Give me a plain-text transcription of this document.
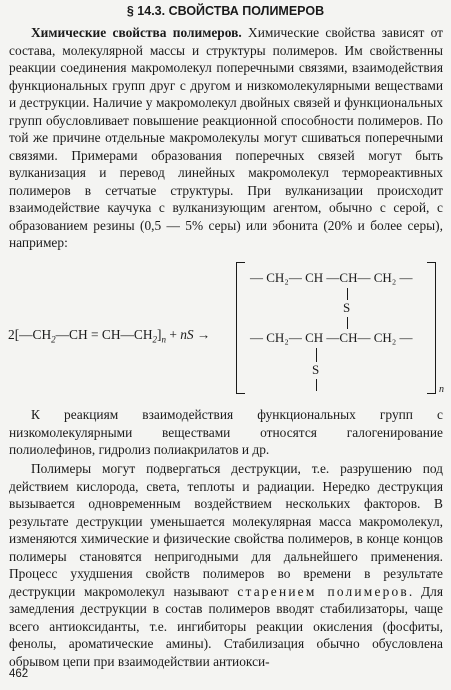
§ 14.3. СВОЙСТВА ПОЛИМЕРОВ

Химические свойства полимеров. Химические свойства зависят от состава, молекулярной массы и структуры полимеров. Им свойственны реакции соединения макромолекул поперечными связями, взаимодействия функциональных групп друг с другом и низкомолекулярными веществами и деструкции. Наличие у макромолекул двойных связей и функциональных групп обусловливает повышение реакционной способности полимеров. По той же причине отдельные макромолекулы могут сшиваться поперечными связями. Примерами образования поперечных связей могут быть вулканизация и перевод линейных макромолекул термореактивных полимеров в сетчатые структуры. При вулканизации происходит взаимодействие каучука с вулканизующим агентом, обычно с серой, с образованием резины (0,5 — 5% серы) или эбонита (20% и более серы), например:

$2[—CH_2—CH$ = $CH—CH_2]_n$ + nS →
n
— CH₂— CH —CH— CH₂ —
S
— CH₂— CH —CH— CH₂ —
S

К реакциям взаимодействия функциональных групп с низкомолекулярными веществами относятся галогенирование полиолефинов, гидролиз полиакрилатов и др.

Полимеры могут подвергаться деструкции, т.е. разрушению под действием кислорода, света, теплоты и радиации. Нередко деструкция вызывается одновременным воздействием нескольких факторов. В результате деструкции уменьшается молекулярная масса макромолекул, изменяются химические и физические свойства полимеров, в конце концов полимеры становятся непригодными для дальнейшего применения. Процесс ухудшения свойств полимеров во времени в результате деструкции макромолекул называют старением полимеров. Для замедления деструкции в состав полимеров вводят стабилизаторы, чаще всего антиоксиданты, т.е. ингибиторы реакции окисления (фосфиты, фенолы, ароматические амины). Стабилизация обычно обусловлена обрывом цепи при взаимодействии антиокси-

462
